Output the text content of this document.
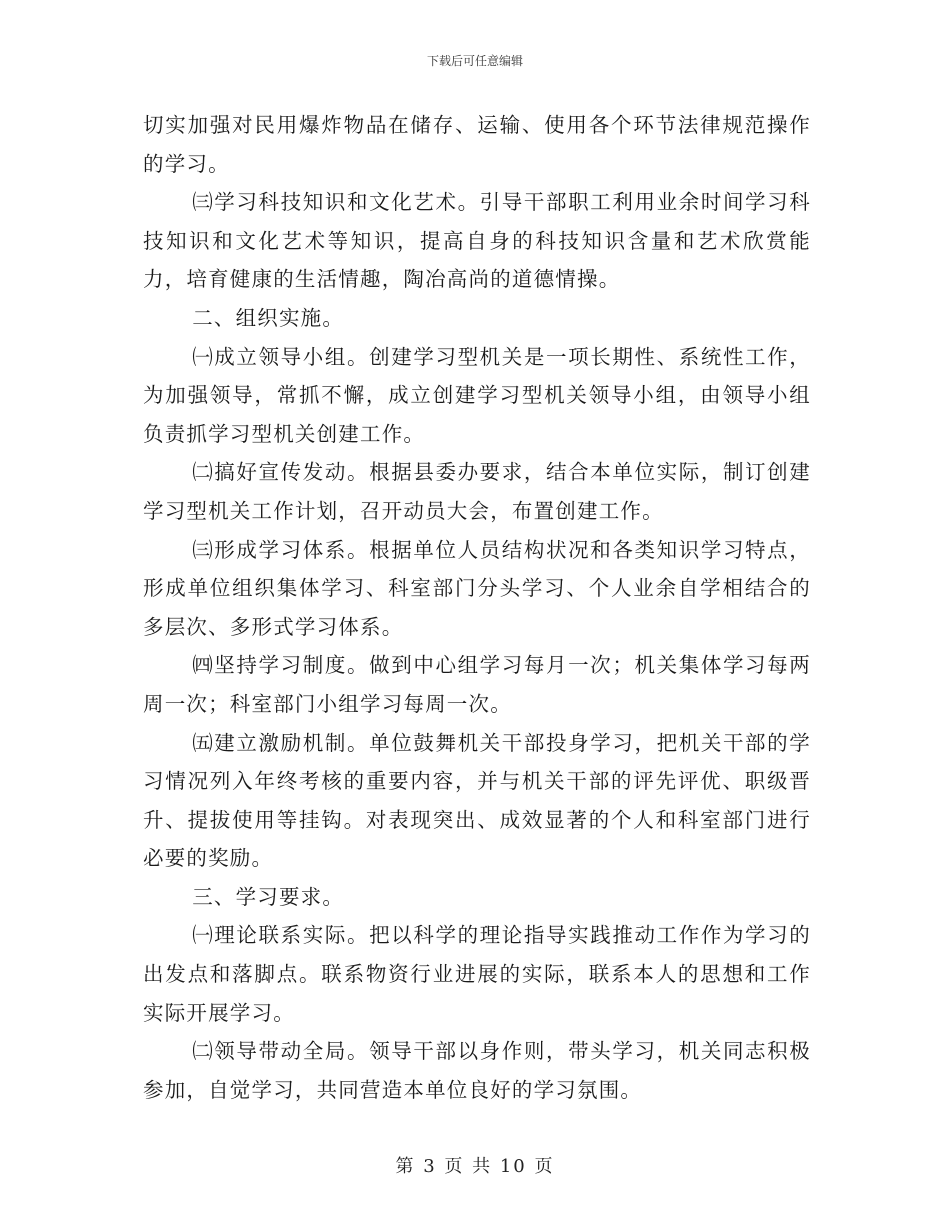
下载后可任意编辑

切实加强对民用爆炸物品在储存、运输、使用各个环节法律规范操作的学习。

㈢学习科技知识和文化艺术。引导干部职工利用业余时间学习科技知识和文化艺术等知识，提高自身的科技知识含量和艺术欣赏能力，培育健康的生活情趣，陶冶高尚的道德情操。

二、组织实施。

㈠成立领导小组。创建学习型机关是一项长期性、系统性工作，为加强领导，常抓不懈，成立创建学习型机关领导小组，由领导小组负责抓学习型机关创建工作。

㈡搞好宣传发动。根据县委办要求，结合本单位实际，制订创建学习型机关工作计划，召开动员大会，布置创建工作。

㈢形成学习体系。根据单位人员结构状况和各类知识学习特点，形成单位组织集体学习、科室部门分头学习、个人业余自学相结合的多层次、多形式学习体系。

㈣坚持学习制度。做到中心组学习每月一次；机关集体学习每两周一次；科室部门小组学习每周一次。

㈤建立激励机制。单位鼓舞机关干部投身学习，把机关干部的学习情况列入年终考核的重要内容，并与机关干部的评先评优、职级晋升、提拔使用等挂钩。对表现突出、成效显著的个人和科室部门进行必要的奖励。

三、学习要求。

㈠理论联系实际。把以科学的理论指导实践推动工作作为学习的出发点和落脚点。联系物资行业进展的实际，联系本人的思想和工作实际开展学习。

㈡领导带动全局。领导干部以身作则，带头学习，机关同志积极参加，自觉学习，共同营造本单位良好的学习氛围。

第 3 页 共 10 页
